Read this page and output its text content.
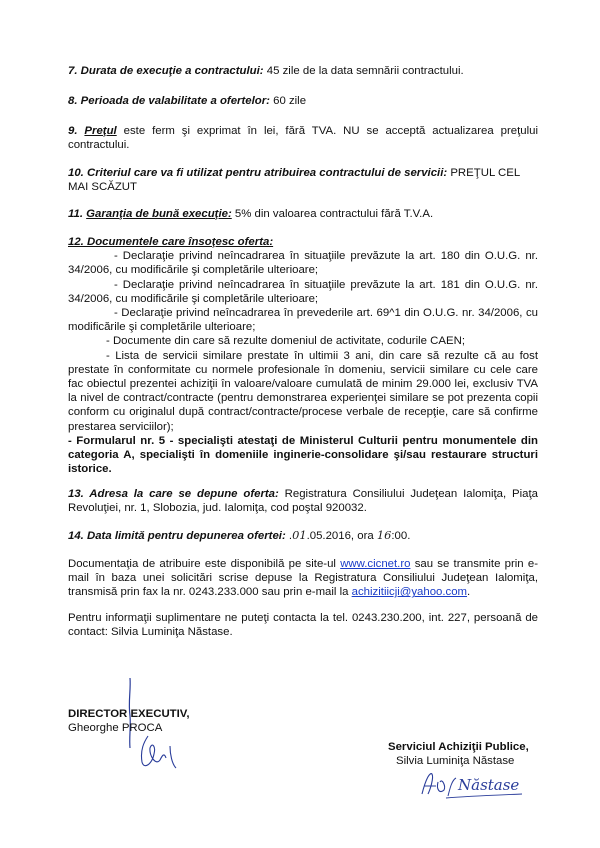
7. Durata de execuţie a contractului: 45 zile de la data semnării contractului.

8. Perioada de valabilitate a ofertelor: 60 zile

9. Preţul este ferm şi exprimat în lei, fără TVA. NU se acceptă actualizarea preţului contractului.

10. Criteriul care va fi utilizat pentru atribuirea contractului de servicii: PREŢUL CEL MAI SCĂZUT

11. Garanţia de bună execuţie: 5% din valoarea contractului fără T.V.A.

12. Documentele care însoţesc oferta:
- Declaraţie privind neîncadrarea în situaţiile prevăzute la art. 180 din O.U.G. nr. 34/2006, cu modificările şi completările ulterioare;
- Declaraţie privind neîncadrarea în situaţiile prevăzute la art. 181 din O.U.G. nr. 34/2006, cu modificările şi completările ulterioare;
- Declaraţie privind neîncadrarea în prevederile art. 69^1 din O.U.G. nr. 34/2006, cu modificările şi completările ulterioare;
- Documente din care să rezulte domeniul de activitate, codurile CAEN;
- Lista de servicii similare prestate în ultimii 3 ani, din care să rezulte că au fost prestate în conformitate cu normele profesionale în domeniu, servicii similare cu cele care fac obiectul prezentei achiziţii în valoare/valoare cumulată de minim 29.000 lei, exclusiv TVA la nivel de contract/contracte (pentru demonstrarea experienţei similare se pot prezenta copii conform cu originalul după contract/contracte/procese verbale de recepţie, care să confirme prestarea serviciilor);
- Formularul nr. 5 - specialişti atestaţi de Ministerul Culturii pentru monumentele din categoria A, specialişti în domeniile inginerie-consolidare şi/sau restaurare structuri istorice.

13. Adresa la care se depune oferta: Registratura Consiliului Judeţean Ialomiţa, Piaţa Revoluţiei, nr. 1, Slobozia, jud. Ialomiţa, cod poştal 920032.

14. Data limită pentru depunerea ofertei: .01.05.2016, ora 16:00.

Documentaţia de atribuire este disponibilă pe site-ul www.cicnet.ro sau se transmite prin e-mail în baza unei solicitări scrise depuse la Registratura Consiliului Judeţean Ialomiţa, transmisă prin fax la nr. 0243.233.000 sau prin e-mail la achizitiicji@yahoo.com.

Pentru informaţii suplimentare ne puteţi contacta la tel. 0243.230.200, int. 227, persoană de contact: Silvia Luminiţa Năstase.

DIRECTOR EXECUTIV,
Gheorghe PROCA
Serviciul Achiziţii Publice,
Silvia Luminiţa Năstase
Năstase
